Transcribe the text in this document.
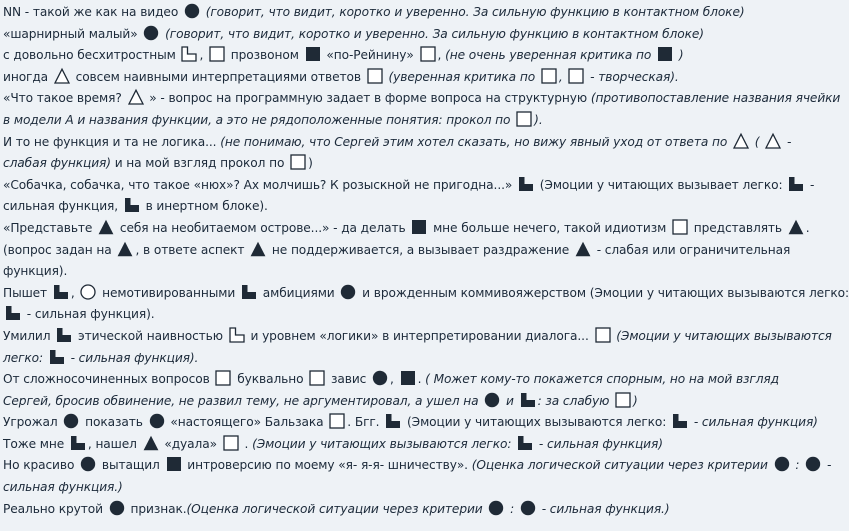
NN - такой же как на видео
(говорит, что видит, коротко и уверенно. За сильную функцию в контактном блоке)
«шарнирный малый»
(говорит, что видит, коротко и уверенно. За сильную функцию в контактном блоке)
с довольно бесхитростным
,
прозвоном
«по-Рейнину»
, (не очень уверенная критика по
)
иногда
совсем наивными интерпретациями ответов
(уверенная критика по
,
- творческая).
«Что такое время?
» - вопрос на программную задает в форме вопроса на структурную (противопоставление названия ячейки
в модели А и названия функции, а это не рядоположенные понятия: прокол по
).
И то не функция и та не логика... (не понимаю, что Сергей этим хотел сказать, но вижу явный уход от ответа по
(
-
слабая функция) и на мой взгляд прокол по
)
«Собачка, собачка, что такое «нюх»? Ах молчишь? К розыскной не пригодна...»
(Эмоции у читающих вызывает легко:
-
сильная функция,
в инертном блоке).
«Представьте
себя на необитаемом острове...» - да делать
мне больше нечего, такой идиотизм
представлять
.
(вопрос задан на
, в ответе аспект
не поддерживается, а вызывает раздражение
- слабая или ограничительная
функция).
Пышет
,
немотивированными
амбициями
и врожденным коммивояжерством (Эмоции у читающих вызываются легко:
- сильная функция).
Умилил
этической наивностью
и уровнем «логики» в интерпретировании диалога...
(Эмоции у читающих вызываются
легко:
- сильная функция).
От сложносочиненных вопросов
буквально
завис
,
. ( Может кому-то покажется спорным, но на мой взгляд
Сергей, бросив обвинение, не развил тему, не аргументировал, а ушел на
и
: за слабую
)
Угрожал
показать
«настоящего» Бальзака
. Бгг.
(Эмоции у читающих вызываются легко:
- сильная функция)
Тоже мне
, нашел
«дуала»
. (Эмоции у читающих вызываются легко:
- сильная функция)
Но красиво
вытащил
интроверсию по моему «я- я-я- шничеству». (Оценка логической ситуации через критерии
:
-
сильная функция.)
Реально крутой
признак.(Оценка логической ситуации через критерии
:
- сильная функция.)
